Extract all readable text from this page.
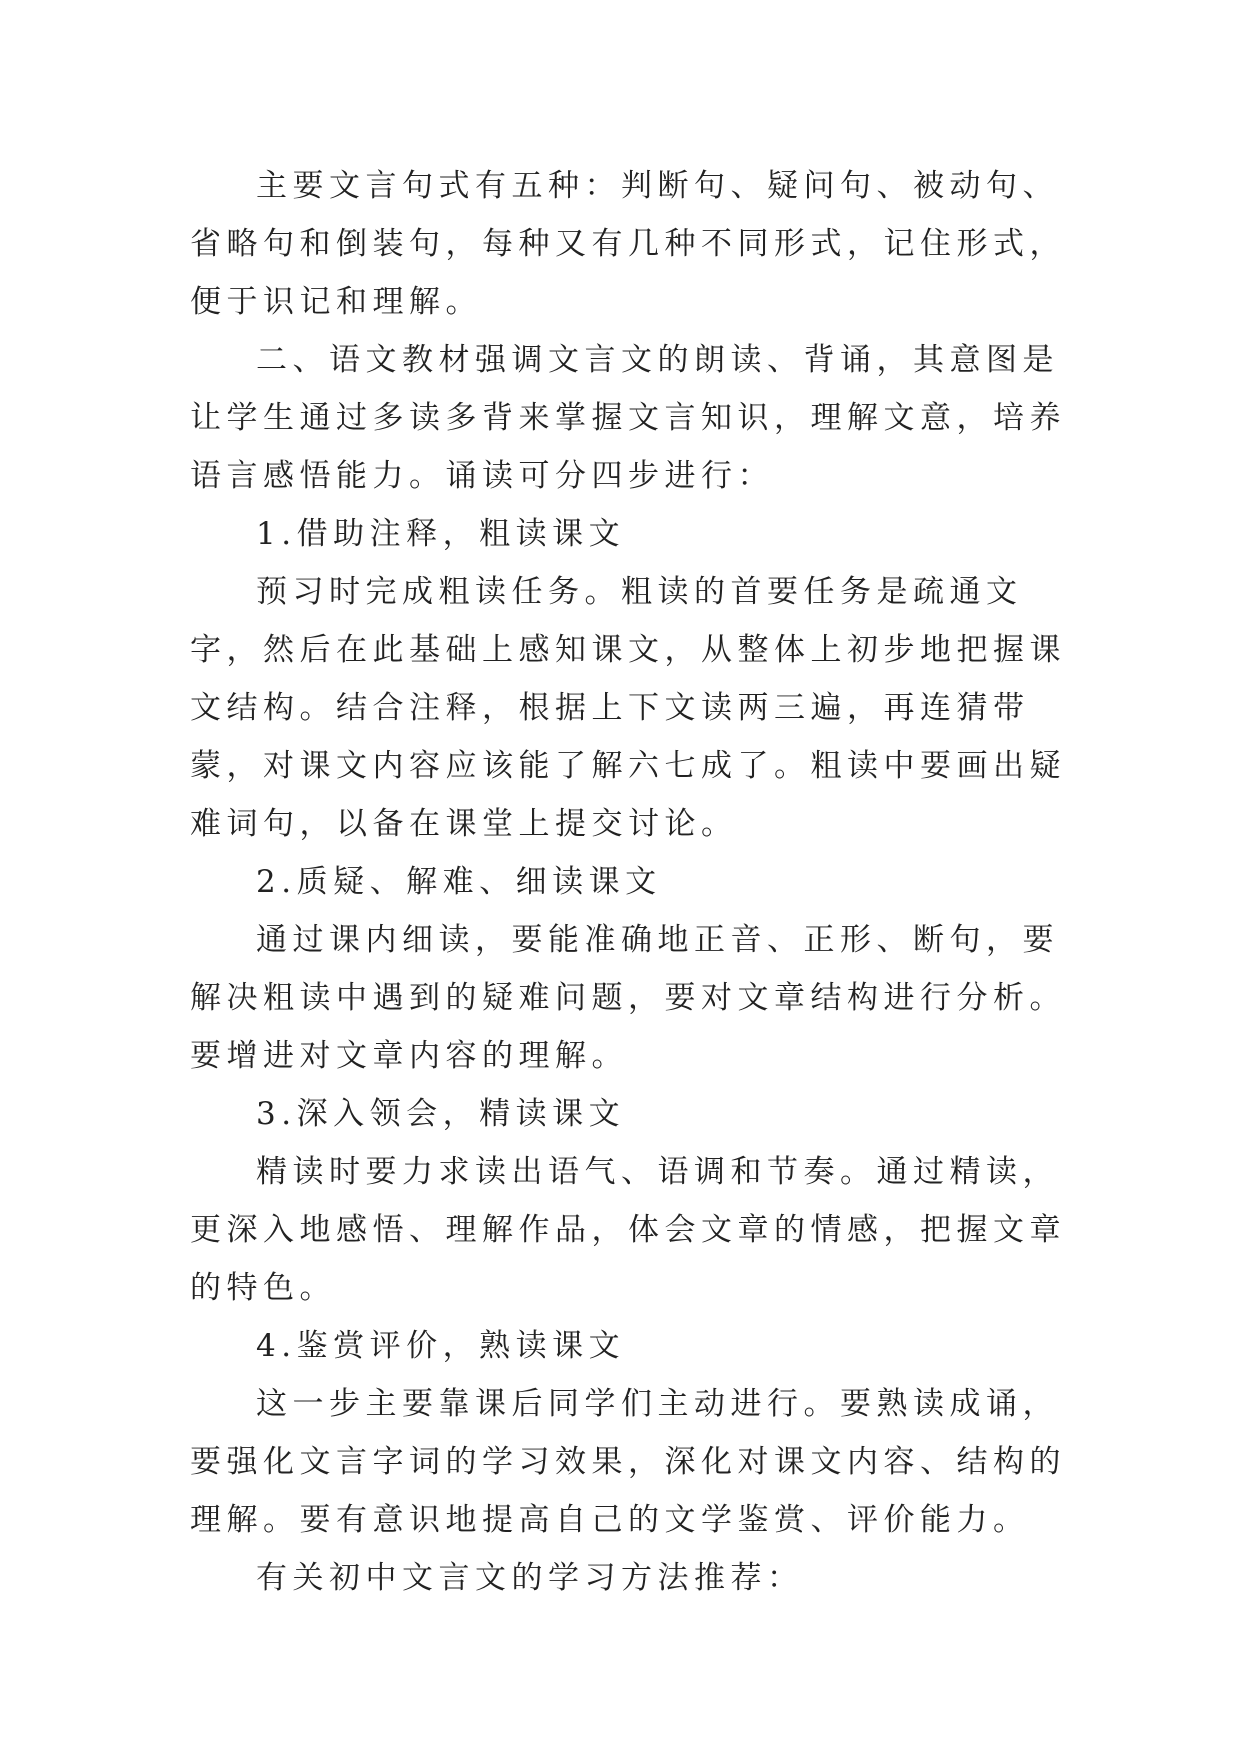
主要文言句式有五种：判断句、疑问句、被动句、省略句和倒装句，每种又有几种不同形式，记住形式，便于识记和理解。

二、语文教材强调文言文的朗读、背诵，其意图是让学生通过多读多背来掌握文言知识，理解文意，培养语言感悟能力。诵读可分四步进行：

1.借助注释，粗读课文

预习时完成粗读任务。粗读的首要任务是疏通文字，然后在此基础上感知课文，从整体上初步地把握课文结构。结合注释，根据上下文读两三遍，再连猜带蒙，对课文内容应该能了解六七成了。粗读中要画出疑难词句，以备在课堂上提交讨论。

2.质疑、解难、细读课文

通过课内细读，要能准确地正音、正形、断句，要解决粗读中遇到的疑难问题，要对文章结构进行分析。要增进对文章内容的理解。

3.深入领会，精读课文

精读时要力求读出语气、语调和节奏。通过精读，更深入地感悟、理解作品，体会文章的情感，把握文章的特色。

4.鉴赏评价，熟读课文

这一步主要靠课后同学们主动进行。要熟读成诵，要强化文言字词的学习效果，深化对课文内容、结构的理解。要有意识地提高自己的文学鉴赏、评价能力。

有关初中文言文的学习方法推荐：
